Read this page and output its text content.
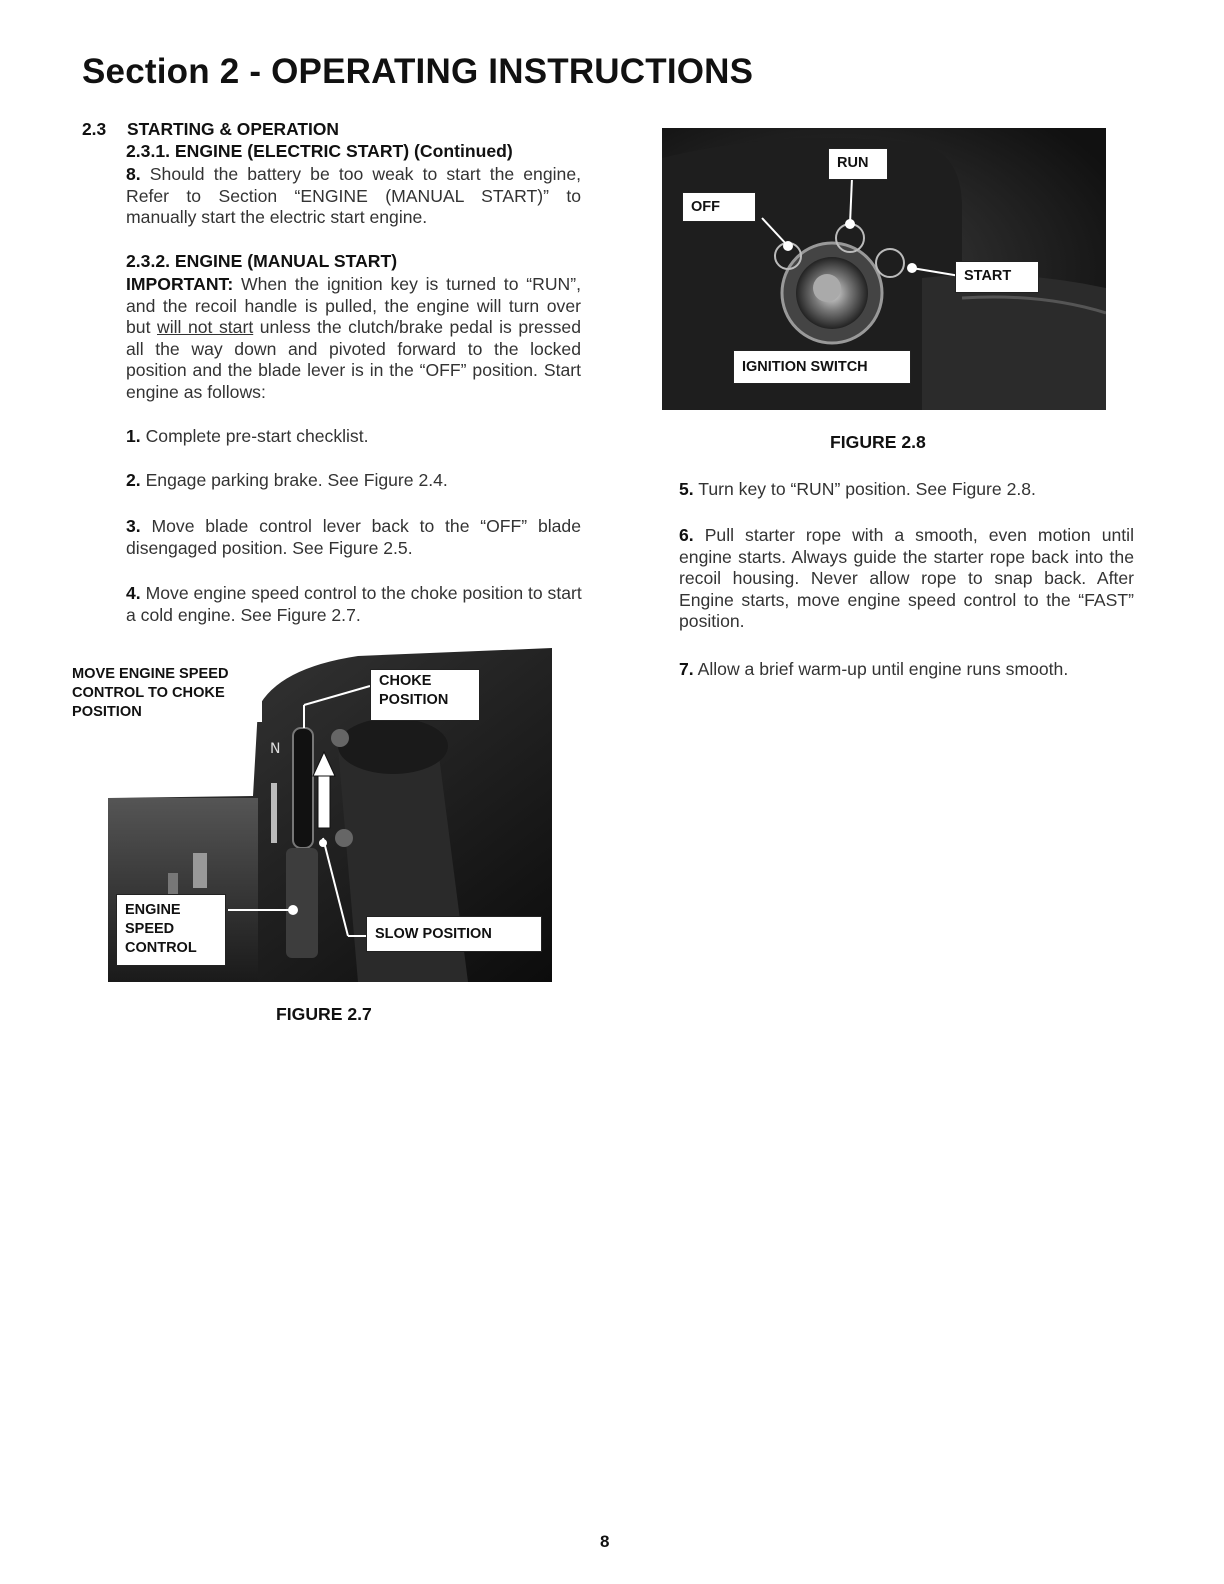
Section 2 - OPERATING INSTRUCTIONS
2.3 STARTING & OPERATION
2.3.1. ENGINE (ELECTRIC START) (Continued)
8. Should the battery be too weak to start the engine, Refer to Section “ENGINE (MANUAL START)” to manually start the electric start engine.
2.3.2. ENGINE (MANUAL START)
IMPORTANT: When the ignition key is turned to “RUN”, and the recoil handle is pulled, the engine will turn over but will not start unless the clutch/brake pedal is pressed all the way down and pivoted forward to the locked position and the blade lever is in the “OFF” position. Start engine as follows:
1. Complete pre-start checklist.
2. Engage parking brake. See Figure 2.4.
3. Move blade control lever back to the “OFF” blade disengaged position. See Figure 2.5.
4. Move engine speed control to the choke position to start a cold engine. See Figure 2.7.
N
MOVE ENGINE SPEED CONTROL TO CHOKE POSITION
CHOKE POSITION
ENGINE SPEED CONTROL
SLOW POSITION
FIGURE 2.7
RUN
OFF
START
IGNITION SWITCH
FIGURE 2.8
5. Turn key to “RUN” position. See Figure 2.8.
6. Pull starter rope with a smooth, even motion until engine starts. Always guide the starter rope back into the recoil housing. Never allow rope to snap back. After Engine starts, move engine speed control to the “FAST” position.
7. Allow a brief warm-up until engine runs smooth.
8
